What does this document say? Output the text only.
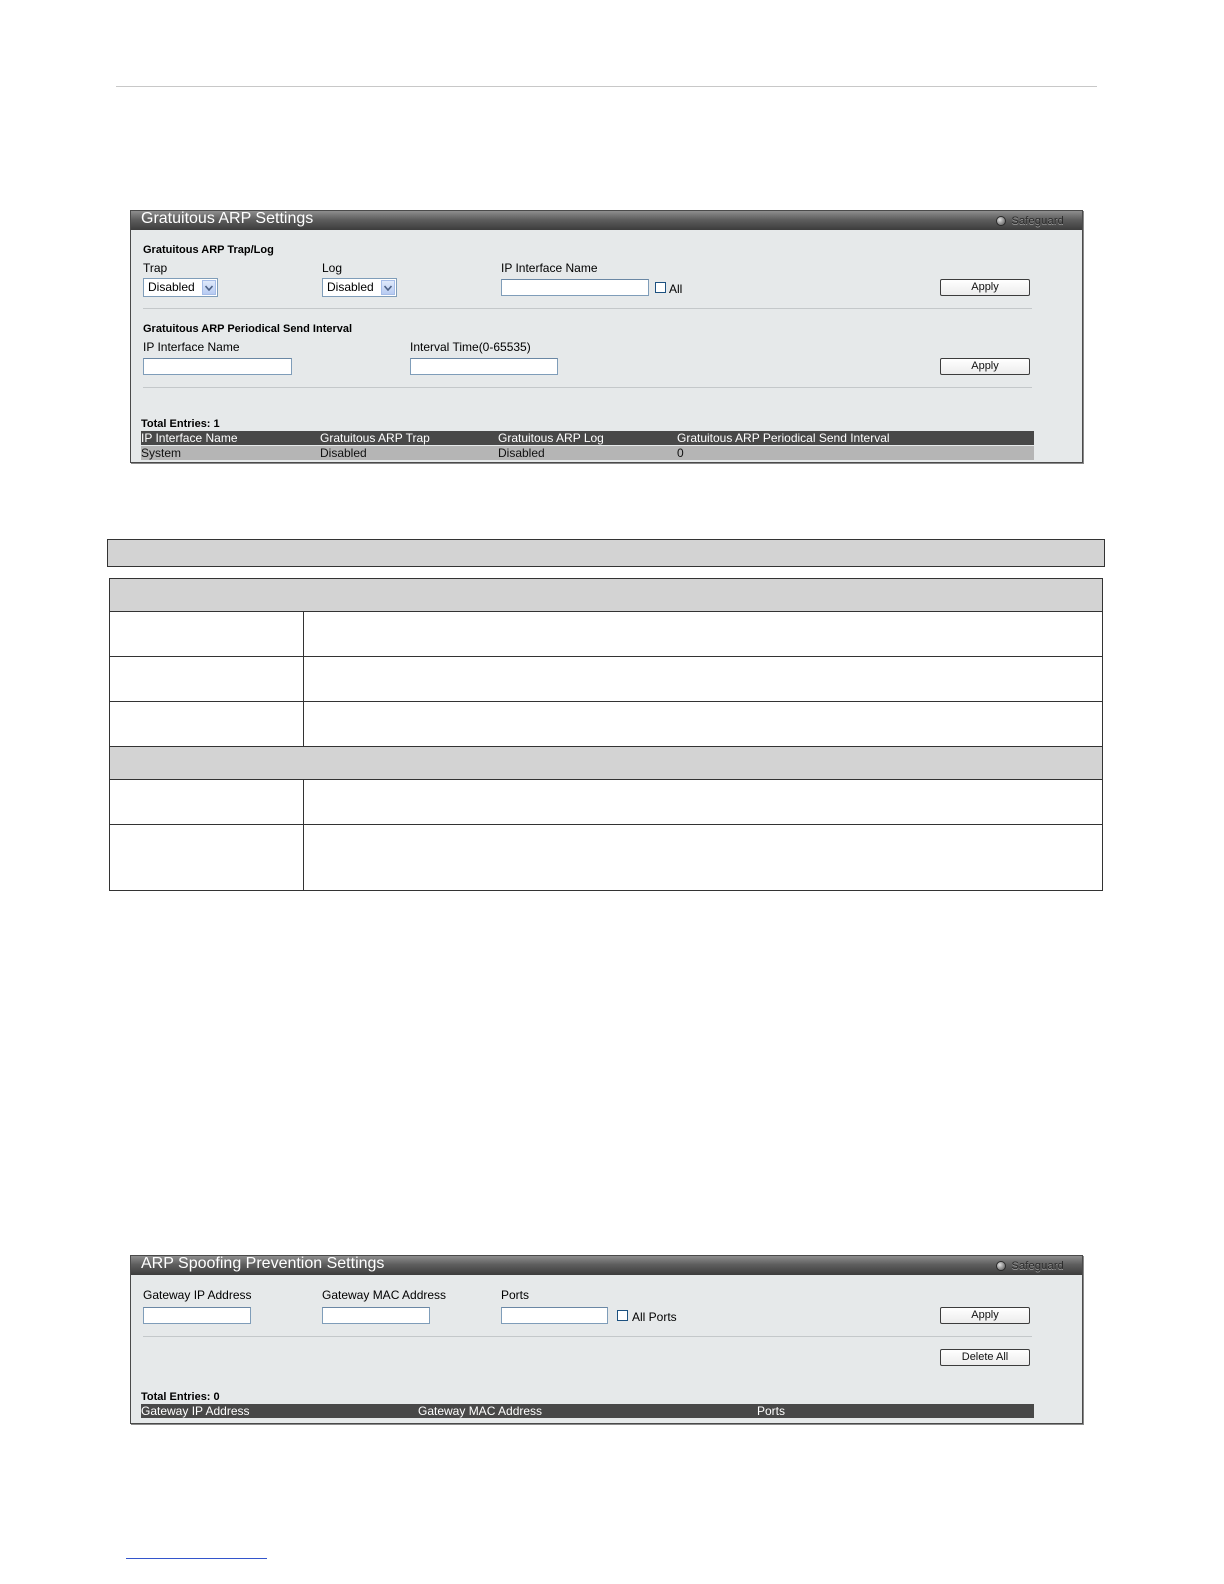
Gratuitous ARP Settings	Safeguard
Gratuitous ARP Trap/Log
Trap
Disabled
Log
Disabled
IP Interface Name
All	Apply
Gratuitous ARP Periodical Send Interval
IP Interface Name	Interval Time(0-65535)
Apply
Total Entries: 1
IP Interface Name	Gratuitous ARP Trap	Gratuitous ARP Log	Gratuitous ARP Periodical Send Interval
System	Disabled	Disabled	0

ARP Spoofing Prevention Settings	Safeguard
Gateway IP Address	Gateway MAC Address	Ports
All Ports	Apply
Delete All
Total Entries: 0
Gateway IP Address	Gateway MAC Address	Ports
